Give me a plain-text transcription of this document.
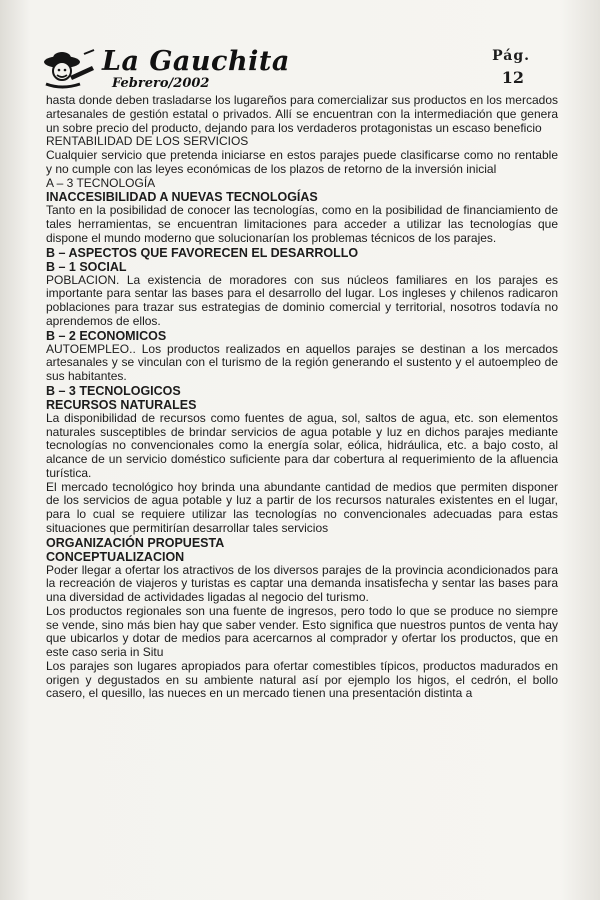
La Gauchita
Febrero/2002
Pág.
12

hasta donde deben trasladarse los lugareños para comercializar sus productos en los mercados artesanales de gestión estatal o privados. Allí se encuentran con la intermediación que genera un sobre precio del producto, dejando para los verdaderos protagonistas un escaso beneficio

RENTABILIDAD DE LOS SERVICIOS

Cualquier servicio que pretenda iniciarse en estos parajes puede clasificarse como no rentable y no cumple con las leyes económicas de los plazos de retorno de la inversión inicial

A – 3 TECNOLOGÍA

INACCESIBILIDAD A NUEVAS TECNOLOGÍAS

Tanto en la posibilidad de conocer las tecnologías, como en la posibilidad de financiamiento de tales herramientas, se encuentran limitaciones para acceder a utilizar las tecnologías que dispone el mundo moderno que solucionarían los problemas técnicos de los parajes.

B – ASPECTOS QUE FAVORECEN EL DESARROLLO
B – 1 SOCIAL

POBLACION. La existencia de moradores con sus núcleos familiares en los parajes es importante para sentar las bases para el desarrollo del lugar. Los ingleses y chilenos radicaron poblaciones para trazar sus estrategias de dominio comercial y territorial, nosotros todavía no aprendemos de ellos.

B – 2 ECONOMICOS

AUTOEMPLEO.. Los productos realizados en aquellos parajes se destinan a los mercados artesanales y se vinculan con el turismo de la región generando el sustento y el autoempleo de sus habitantes.

B – 3 TECNOLOGICOS
RECURSOS NATURALES

La disponibilidad de recursos como fuentes de agua, sol, saltos de agua, etc. son elementos naturales susceptibles de brindar servicios de agua potable y luz en dichos parajes mediante tecnologías no convencionales como la energía solar, eólica, hidráulica, etc. a bajo costo, al alcance de un servicio doméstico suficiente para dar cobertura al requerimiento de la afluencia turística.

El mercado tecnológico hoy brinda una abundante cantidad de medios que permiten disponer de los servicios de agua potable y luz a partir de los recursos naturales existentes en el lugar, para lo cual se requiere utilizar las tecnologías no convencionales adecuadas para estas situaciones que permitirían desarrollar tales servicios

ORGANIZACIÓN PROPUESTA
CONCEPTUALIZACION

Poder llegar a ofertar los atractivos de los diversos parajes de la provincia acondicionados para la recreación de viajeros y turistas es captar una demanda insatisfecha y sentar las bases para una diversidad de actividades ligadas al negocio del turismo.

Los productos regionales son una fuente de ingresos, pero todo lo que se produce no siempre se vende, sino más bien hay que saber vender. Esto significa que nuestros puntos de venta hay que ubicarlos y dotar de medios para acercarnos al comprador y ofertar los productos, que en este caso seria in Situ

Los parajes son lugares apropiados para ofertar comestibles típicos, productos madurados en origen y degustados en su ambiente natural así por ejemplo los higos, el cedrón, el bollo casero, el quesillo, las nueces en un mercado tienen una presentación distinta a
